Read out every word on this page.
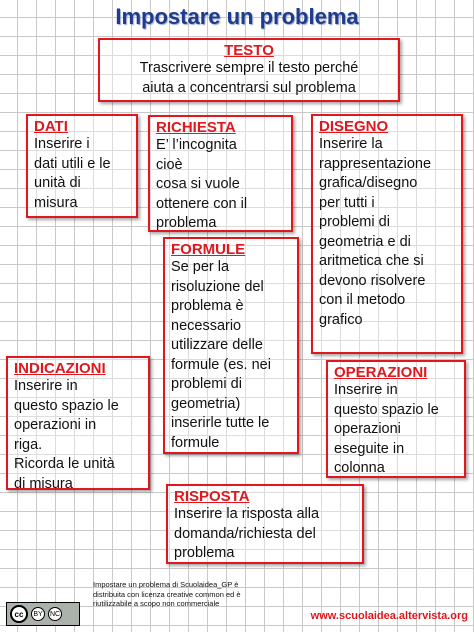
Impostare un problema
TESTO
Trascrivere sempre il testo perché
aiuta a concentrarsi sul problema
DATI
Inserire i
dati utili e le
unità di
misura
RICHIESTA
E’ l’incognita
cioè
cosa si vuole
ottenere con il
problema
DISEGNO
Inserire la
rappresentazione
grafica/disegno
per tutti i
problemi di
geometria e di
aritmetica che si
devono risolvere
con il metodo
grafico
FORMULE
Se per la
risoluzione del
problema è
necessario
utilizzare delle
formule (es. nei
problemi di
geometria)
inserirle tutte le
formule
INDICAZIONI
Inserire in
questo spazio le
operazioni in
riga.
Ricorda le unità
di misura
OPERAZIONI
Inserire in
questo spazio le
operazioni
eseguite in
colonna
RISPOSTA
Inserire la risposta alla
domanda/richiesta del
problema
Impostare un problema di Scuolaidea_GP è
distribuita con licenza creative common ed è
riutilizzabile a scopo non commerciale
cc	BY	NC	www.scuolaidea.altervista.org
